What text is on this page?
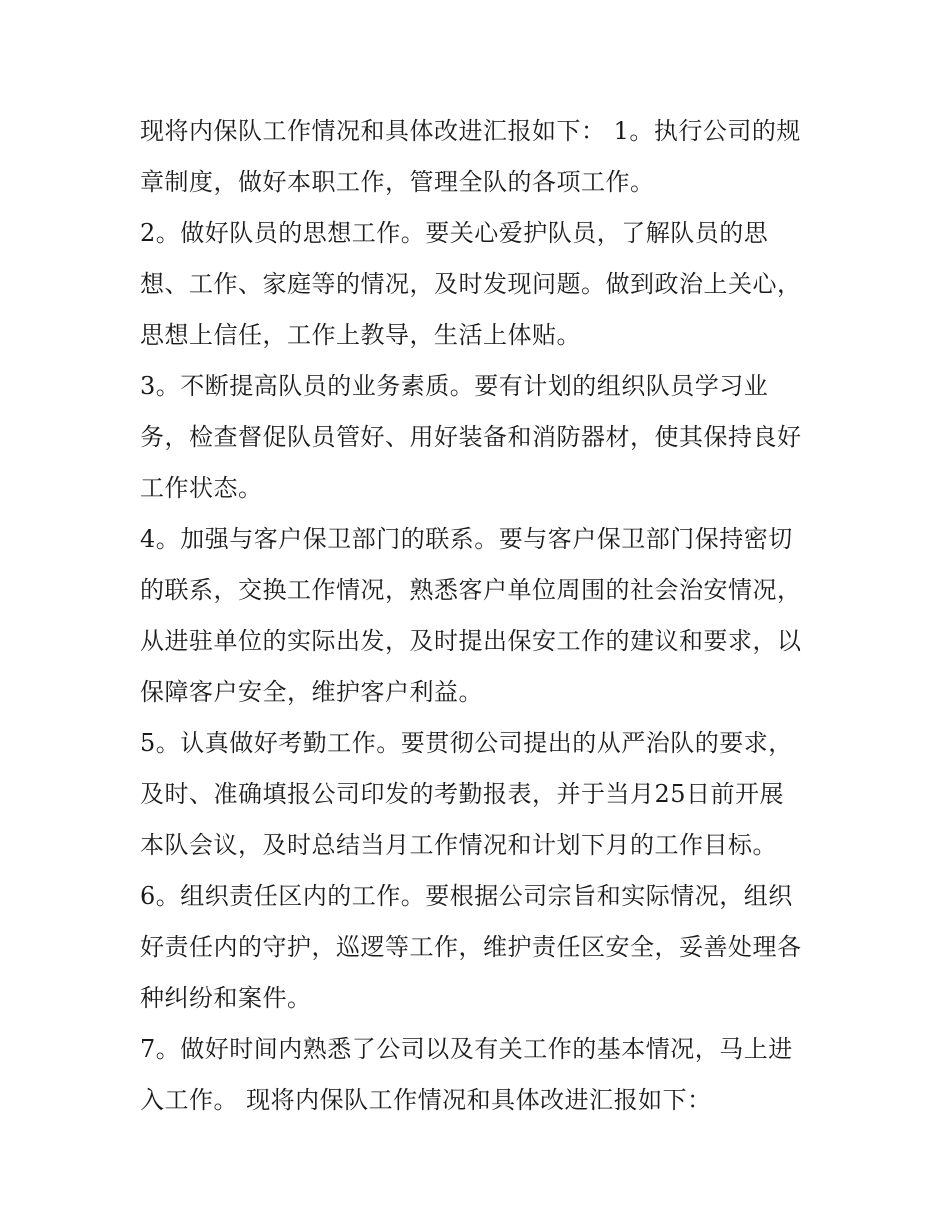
现将内保队工作情况和具体改进汇报如下： 1。执行公司的规
章制度，做好本职工作，管理全队的各项工作。
2。做好队员的思想工作。要关心爱护队员，了解队员的思
想、工作、家庭等的情况，及时发现问题。做到政治上关心，
思想上信任，工作上教导，生活上体贴。
3。不断提高队员的业务素质。要有计划的组织队员学习业
务，检查督促队员管好、用好装备和消防器材，使其保持良好
工作状态。
4。加强与客户保卫部门的联系。要与客户保卫部门保持密切
的联系，交换工作情况，熟悉客户单位周围的社会治安情况，
从进驻单位的实际出发，及时提出保安工作的建议和要求，以
保障客户安全，维护客户利益。
5。认真做好考勤工作。要贯彻公司提出的从严治队的要求，
及时、准确填报公司印发的考勤报表，并于当月25日前开展
本队会议，及时总结当月工作情况和计划下月的工作目标。
6。组织责任区内的工作。要根据公司宗旨和实际情况，组织
好责任内的守护，巡逻等工作，维护责任区安全，妥善处理各
种纠纷和案件。
7。做好时间内熟悉了公司以及有关工作的基本情况，马上进
入工作。 现将内保队工作情况和具体改进汇报如下：
